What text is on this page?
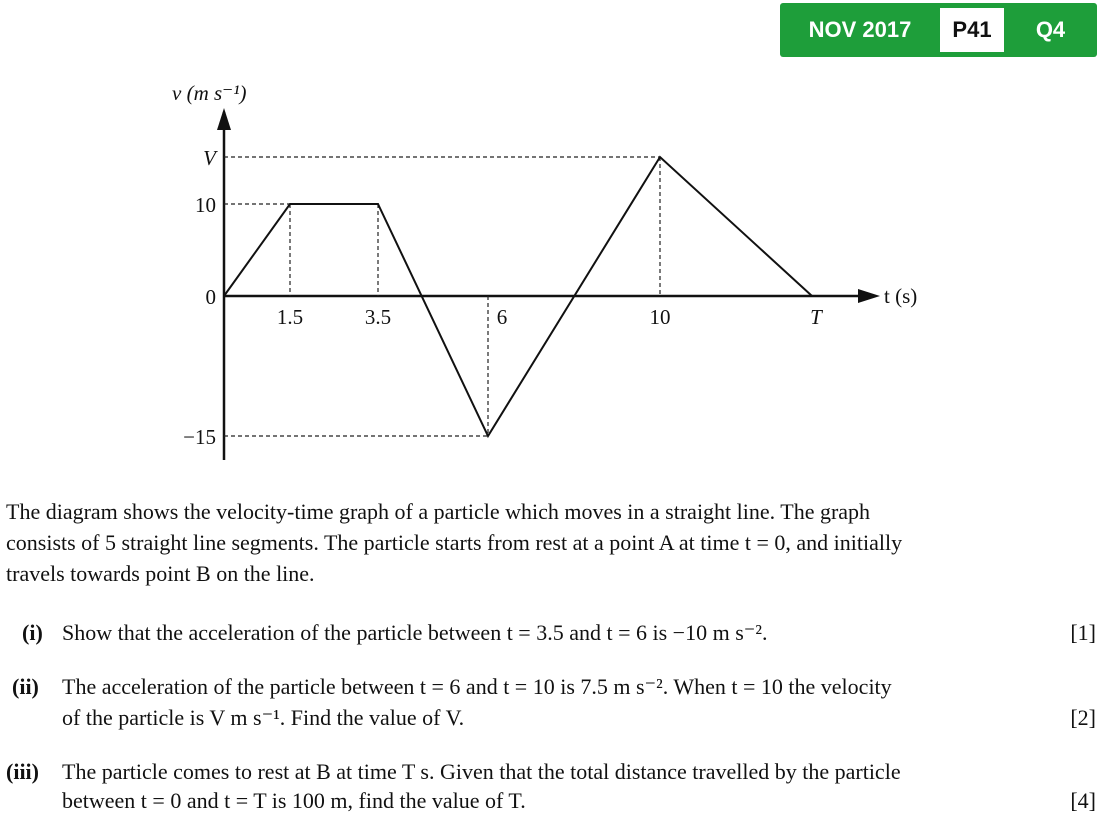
NOV 2017	P41	Q4
v (m s⁻¹)
t (s)
V
10
0
−15
1.5	3.5	6	10	T
The diagram shows the velocity-time graph of a particle which moves in a straight line. The graph
consists of 5 straight line segments. The particle starts from rest at a point A at time t = 0, and initially
travels towards point B on the line.
(i) Show that the acceleration of the particle between t = 3.5 and t = 6 is −10 m s⁻².	[1]
(ii) The acceleration of the particle between t = 6 and t = 10 is 7.5 m s⁻². When t = 10 the velocity
of the particle is V m s⁻¹. Find the value of V.	[2]
(iii) The particle comes to rest at B at time T s. Given that the total distance travelled by the particle
between t = 0 and t = T is 100 m, find the value of T.	[4]
